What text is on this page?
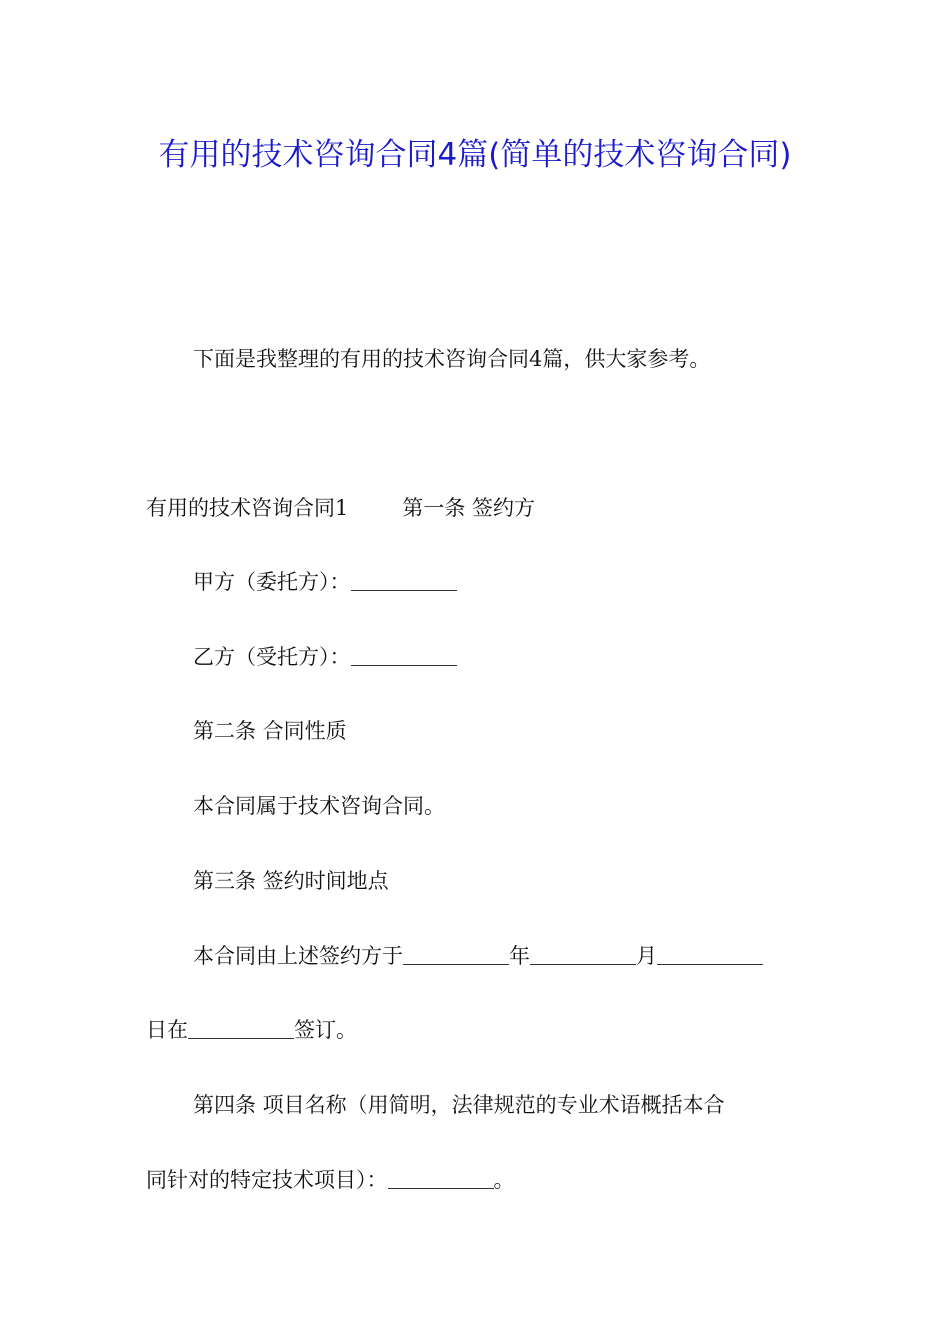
有用的技术咨询合同4篇(简单的技术咨询合同)
下面是我整理的有用的技术咨询合同4篇，供大家参考。
有用的技术咨询合同1	第一条 签约方
甲方（委托方）：
乙方（受托方）：
第二条 合同性质
本合同属于技术咨询合同。
第三条 签约时间地点
本合同由上述签约方于	年	月
日在	签订。
第四条 项目名称（用简明，法律规范的专业术语概括本合
同针对的特定技术项目）：	。
